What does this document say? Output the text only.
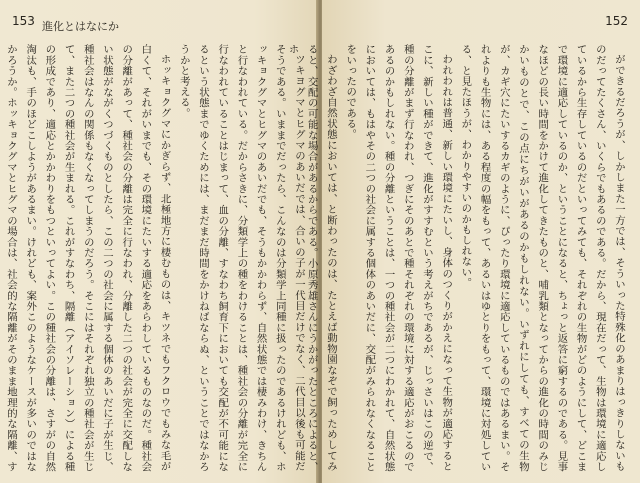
153 進化とはなにか

ツキヨグマとヒグマのあいだでは、合いの子が一代目だけでなく、二代目以後も可能だそうである。いままでだったら、こんなのは分類学上同種に扱ったのであるけれども、ホッキョクグマとヒグマのあいだでも、そうもかかわらず、自然状態では棲みわけ、きちんと行なわれている。だからさきに、分類学上の種をわけることは、種社会の分離が完全に行なわれていることはじまって、血の分離、すなわち飼育下においても交配が不可能になるという状態までゆくためには、まだまだ時間をかけねばならぬ、ということではなかろうかと考える。

ホッキョクグマにかぎらず、北極地方に棲むものは、キツネでもフクロウでもみな毛が白くて、それがいまでも、その環境にたいする適応をあらわしているものなのだ。種社会の分離があって、種社会の分離は完全に行なわれ、分離した二つの社会が完全に交配しない状態がながくつづくものとしたら、この二つの社会に属する個体のあいだに子が生じ、種社会はなんの関係もなくなってしまうのだろう。そこにはそれぞれ独立の種社会が生じて、また二つの種社会が生まれる。これがすなわち、隔離（アイソレーション）による種の形成であり、適応とかかわりをもつといってよい。この種社会の分離は、さすがの自然淘汰も、手のほどこしようがあるまい。けれども、案外このようなケースが多いのではなかろうか。ホッキョクグマとヒグマの場合は、社会的な隔離がそのまま地理的な隔離、す

152

ができるだろうが、しかしまた一方では、そういった特殊化のあまりはっきりしないものだってたくさん、いくらでもあるのである。だから、現在だって、生物は環境に適応しているから生存しているのだといってみても、それぞれの生物がどのようにして、どこまで環境に適応しているのか、ということになると、ちょっと返答に窮するのである。見事なほどの長い時間をかけて進化してきたものと、哺乳類となってからの進化の時間のみじかいものとで、この点にちがいがあるのかもしれない。いずれにしても、すべての生物が、カギ穴にたいするカギのように、ぴったり環境に適応しているものではあるまい。それよりも生物には、ある程度の幅をもって、あるいはゆとりをもって、環境に対処している、と見たほうが、わかりやすいのかもしれない。

われわれは普通、新しい環境にたいし、身体のつくりがかえになって生物が適応するとこに、新しい種ができて、進化がすすむという考えがちであるが、じっさいはこの逆で、種の分離がまず行なわれ、つぎにそのあとで種それぞれの環境に対する適応がおこるのであるのかもしれない。種の分離ということは、一つの種社会が二つにわかれて、自然状態においては、もはやその二つの社会に属する個体のあいだに、交配がみられなくなることをいったのである。

わざわざ自然状態においては、と断わったのは、たとえば動物園なぞで飼っためしてみると、交配の可能な場合があるからである。小原秀雄さんにうかがったところによると、ホ
